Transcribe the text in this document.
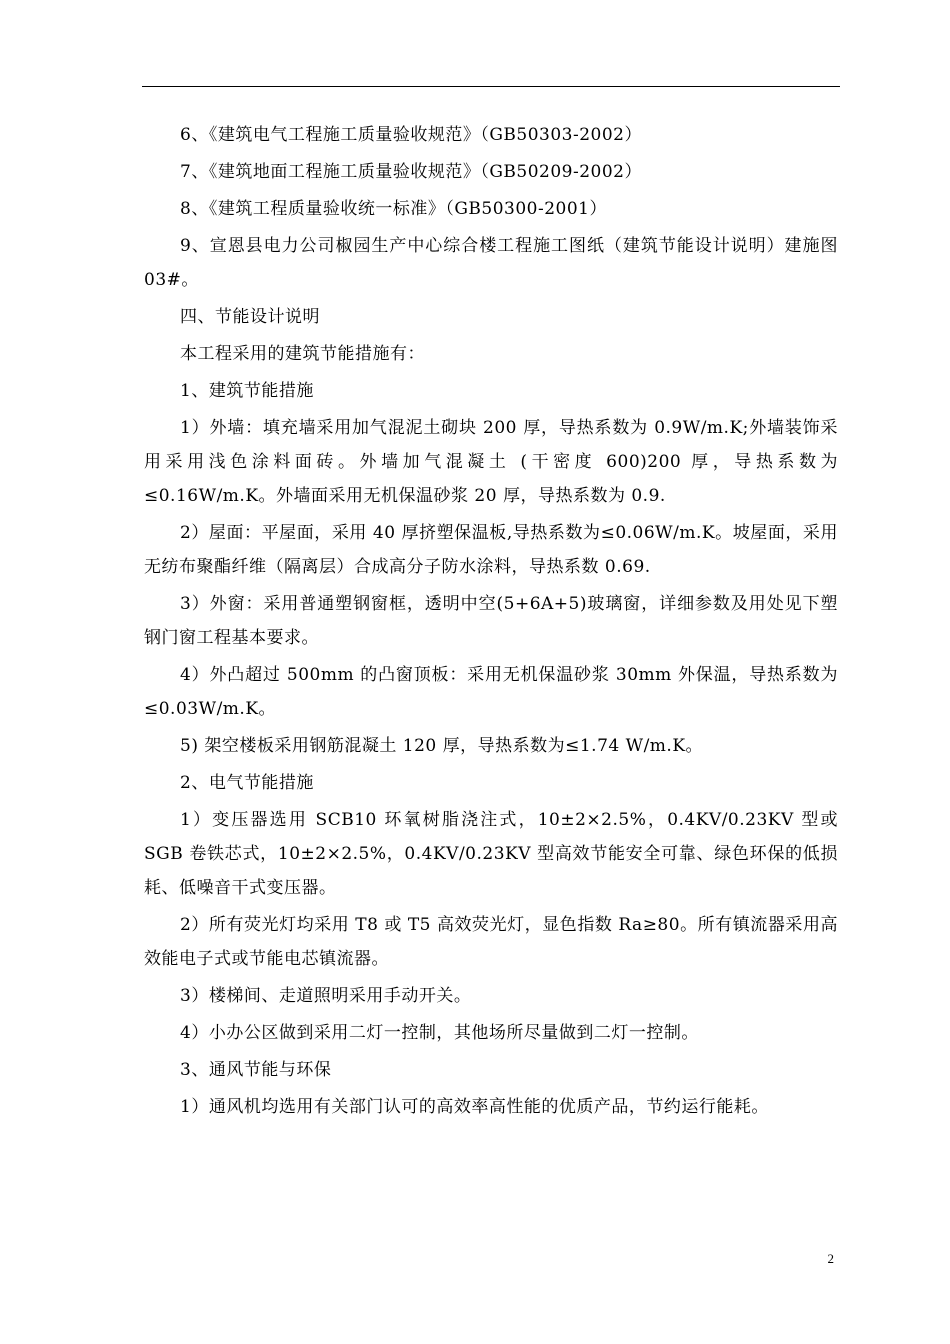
6、《建筑电气工程施工质量验收规范》（GB50303-2002）

7、《建筑地面工程施工质量验收规范》（GB50209-2002）

8、《建筑工程质量验收统一标准》（GB50300-2001）

9、宣恩县电力公司椒园生产中心综合楼工程施工图纸（建筑节能设计说明）建施图 03#。

四、节能设计说明

本工程采用的建筑节能措施有：

1、建筑节能措施

1）外墙：填充墙采用加气混泥土砌块 200 厚，导热系数为 0.9W/m.K;外墙装饰采用采用浅色涂料面砖。外墙加气混凝土 (干密度 600)200 厚，导热系数为≤0.16W/m.K。外墙面采用无机保温砂浆 20 厚，导热系数为 0.9.

2）屋面：平屋面，采用 40 厚挤塑保温板,导热系数为≤0.06W/m.K。坡屋面，采用无纺布聚酯纤维（隔离层）合成高分子防水涂料，导热系数 0.69.

3）外窗：采用普通塑钢窗框，透明中空(5+6A+5)玻璃窗，详细参数及用处见下塑钢门窗工程基本要求。

4）外凸超过 500mm 的凸窗顶板：采用无机保温砂浆 30mm 外保温，导热系数为≤0.03W/m.K。

5) 架空楼板采用钢筋混凝土 120 厚，导热系数为≤1.74 W/m.K。

2、电气节能措施

1）变压器选用 SCB10 环氧树脂浇注式，10±2×2.5%，0.4KV/0.23KV 型或 SGB 卷铁芯式，10±2×2.5%，0.4KV/0.23KV 型高效节能安全可靠、绿色环保的低损耗、低噪音干式变压器。

2）所有荧光灯均采用 T8 或 T5 高效荧光灯，显色指数 Ra≥80。所有镇流器采用高效能电子式或节能电芯镇流器。

3）楼梯间、走道照明采用手动开关。

4）小办公区做到采用二灯一控制，其他场所尽量做到二灯一控制。

3、通风节能与环保

1）通风机均选用有关部门认可的高效率高性能的优质产品，节约运行能耗。

2
